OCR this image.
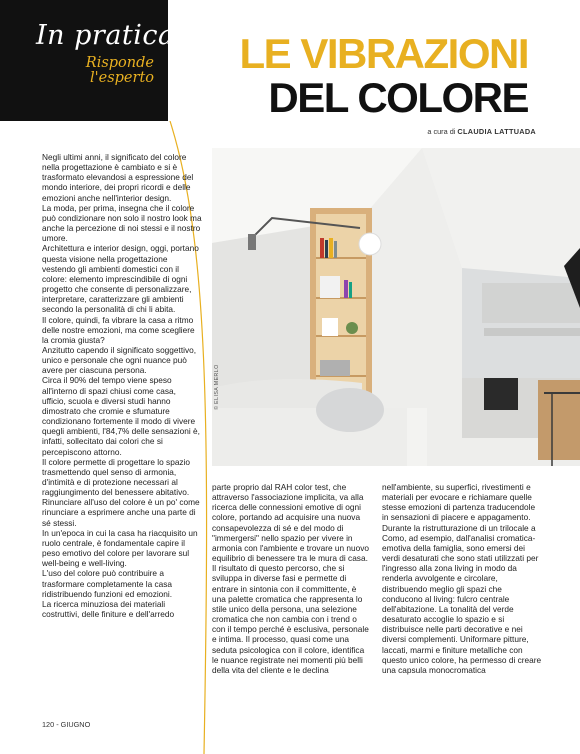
In pratica
Risponde
l'esperto
LE VIBRAZIONI
DEL COLORE
a cura di CLAUDIA LATTUADA

Negli ultimi anni, il significato del colore nella progettazione è cambiato e si è trasformato elevandosi a espressione del mondo interiore, dei propri ricordi e delle emozioni anche nell'interior design.

La moda, per prima, insegna che il colore può condizionare non solo il nostro look ma anche la percezione di noi stessi e il nostro umore.

Architettura e interior design, oggi, portano questa visione nella progettazione vestendo gli ambienti domestici con il colore: elemento imprescindibile di ogni progetto che consente di personalizzare, interpretare, caratterizzare gli ambienti secondo la personalità di chi li abita.

Il colore, quindi, fa vibrare la casa a ritmo delle nostre emozioni, ma come scegliere la cromia giusta?

Anzitutto capendo il significato soggettivo, unico e personale che ogni nuance può avere per ciascuna persona.

Circa il 90% del tempo viene speso all'interno di spazi chiusi come casa, ufficio, scuola e diversi studi hanno dimostrato che cromie e sfumature condizionano fortemente il modo di vivere quegli ambienti, l'84,7% delle sensazioni è, infatti, sollecitato dai colori che si percepiscono attorno.

Il colore permette di progettare lo spazio trasmettendo quel senso di armonia, d'intimità e di protezione necessari al raggiungimento del benessere abitativo.

Rinunciare all'uso del colore è un po' come rinunciare a esprimere anche una parte di sé stessi.

In un'epoca in cui la casa ha riacquisito un ruolo centrale, è fondamentale capire il peso emotivo del colore per lavorare sul well-being e well-living.

L'uso del colore può contribuire a trasformare completamente la casa ridistribuendo funzioni ed emozioni.

La ricerca minuziosa dei materiali costruttivi, delle finiture e dell'arredo

© ELISA MERLO

parte proprio dal RAH color test, che attraverso l'associazione implicita, va alla ricerca delle connessioni emotive di ogni colore, portando ad acquisire una nuova consapevolezza di sé e del modo di "immergersi" nello spazio per vivere in armonia con l'ambiente e trovare un nuovo equilibrio di benessere tra le mura di casa. Il risultato di questo percorso, che si sviluppa in diverse fasi e permette di entrare in sintonia con il committente, è una palette cromatica che rappresenta lo stile unico della persona, una selezione cromatica che non cambia con i trend o con il tempo perché è esclusiva, personale e intima. Il processo, quasi come una seduta psicologica con il colore, identifica le nuance registrate nei momenti più belli della vita del cliente e le declina

nell'ambiente, su superfici, rivestimenti e materiali per evocare e richiamare quelle stesse emozioni di partenza traducendole in sensazioni di piacere e appagamento.

Durante la ristrutturazione di un trilocale a Como, ad esempio, dall'analisi cromatica-emotiva della famiglia, sono emersi dei verdi desaturati che sono stati utilizzati per l'ingresso alla zona living in modo da renderla avvolgente e circolare, distribuendo meglio gli spazi che conducono al living: fulcro centrale dell'abitazione. La tonalità del verde desaturato accoglie lo spazio e si distribuisce nelle parti decorative e nei diversi complementi. Uniformare pitture, laccati, marmi e finiture metalliche con questo unico colore, ha permesso di creare una capsula monocromatica

120 - GIUGNO
